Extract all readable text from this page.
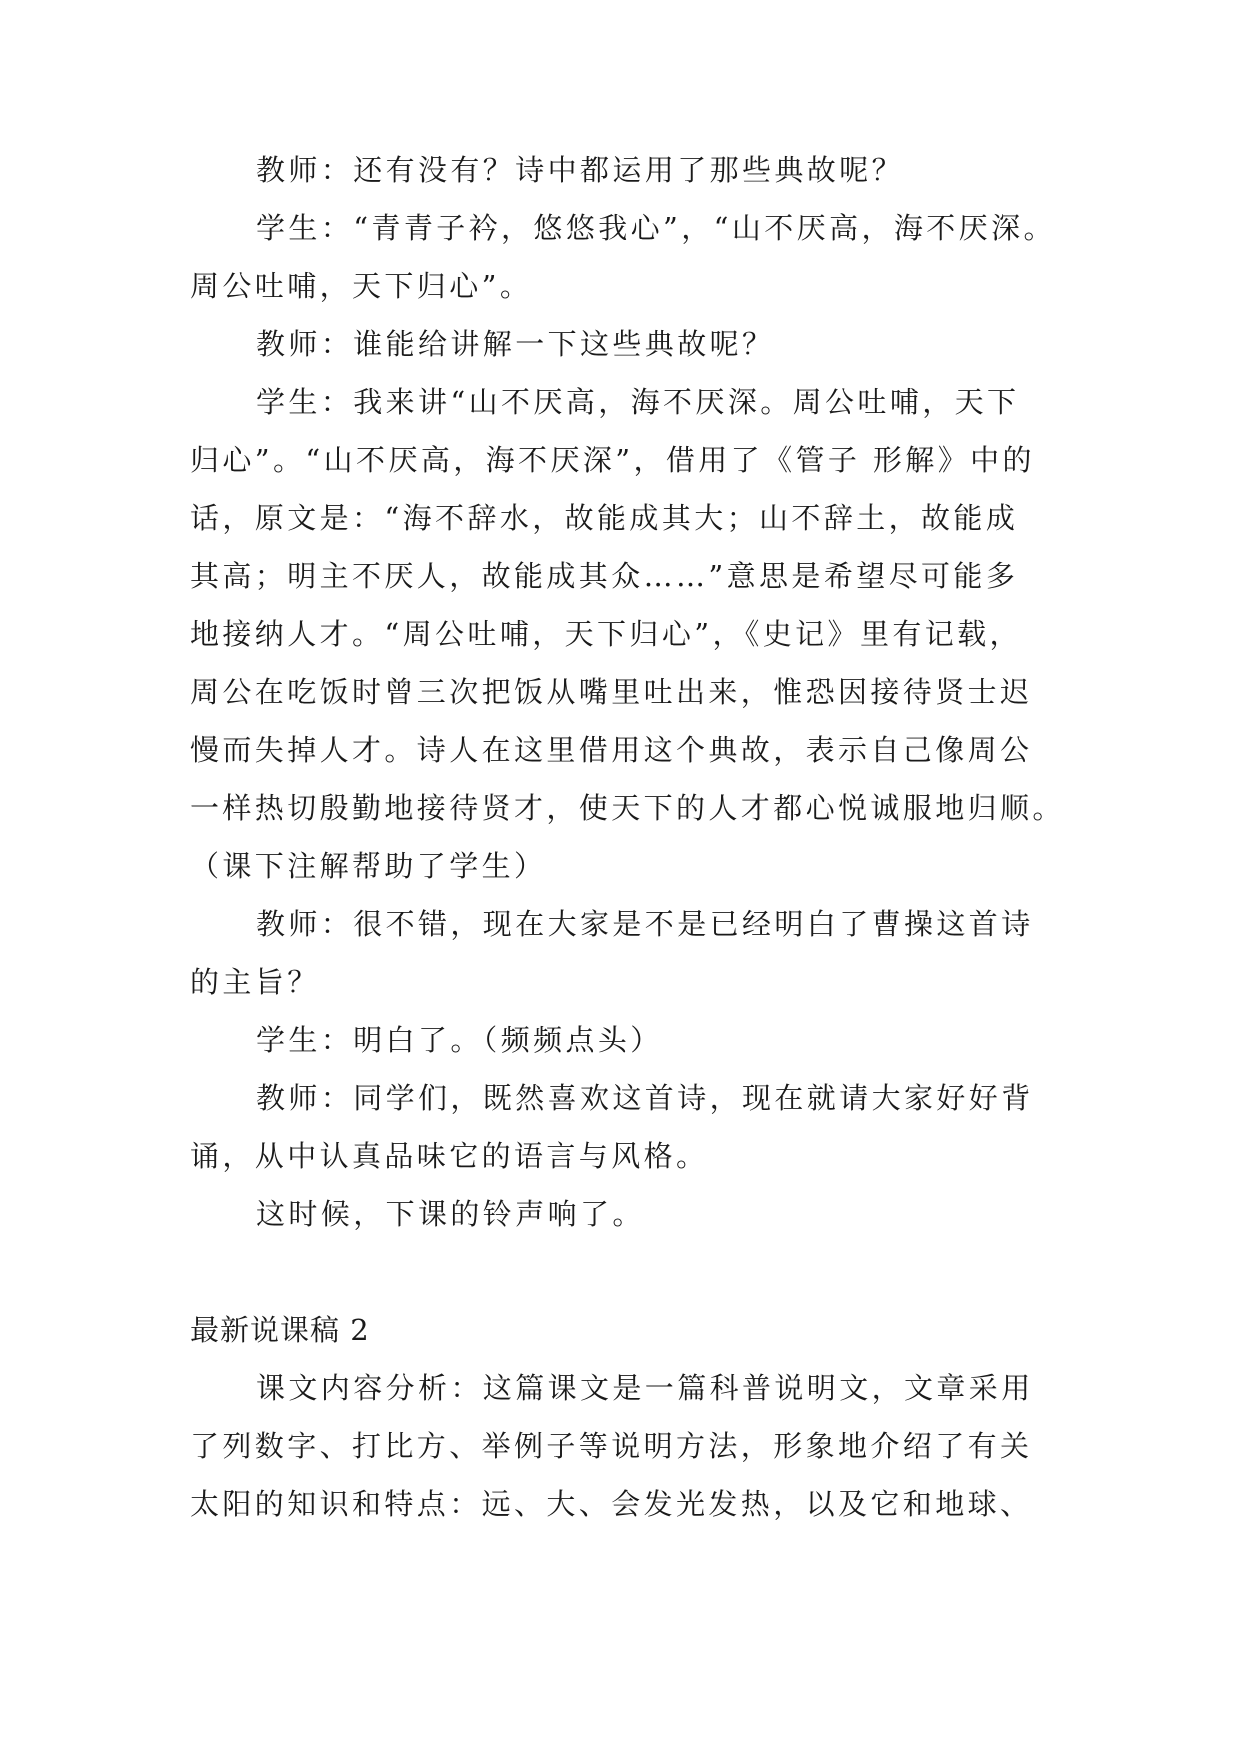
教师：还有没有？诗中都运用了那些典故呢？
学生：“青青子衿，悠悠我心”，“山不厌高，海不厌深。
周公吐哺，天下归心”。
教师：谁能给讲解一下这些典故呢？
学生：我来讲“山不厌高，海不厌深。周公吐哺，天下
归心”。“山不厌高，海不厌深”，借用了《管子 形解》中的
话，原文是：“海不辞水，故能成其大；山不辞土，故能成
其高；明主不厌人，故能成其众……”意思是希望尽可能多
地接纳人才。“周公吐哺，天下归心”，《史记》里有记载，
周公在吃饭时曾三次把饭从嘴里吐出来，惟恐因接待贤士迟
慢而失掉人才。诗人在这里借用这个典故，表示自己像周公
一样热切殷勤地接待贤才，使天下的人才都心悦诚服地归顺。
（课下注解帮助了学生）
教师：很不错，现在大家是不是已经明白了曹操这首诗
的主旨？
学生：明白了。（频频点头）
教师：同学们，既然喜欢这首诗，现在就请大家好好背
诵，从中认真品味它的语言与风格。
这时候，下课的铃声响了。
最新说课稿 2
课文内容分析：这篇课文是一篇科普说明文，文章采用
了列数字、打比方、举例子等说明方法，形象地介绍了有关
太阳的知识和特点：远、大、会发光发热，以及它和地球、
